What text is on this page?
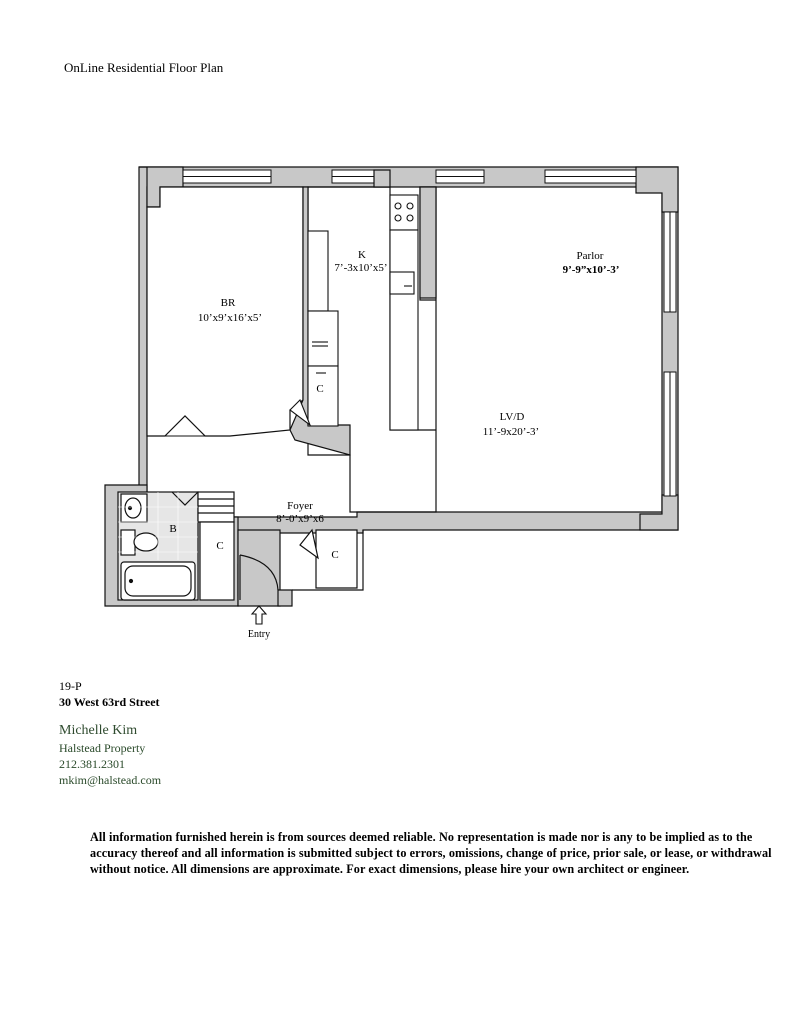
OnLine Residential Floor Plan
BR
10’x9’x16’x5’
K
7’-3x10’x5’
Parlor
9’-9”x10’-3’
LV/D
11’-9x20’-3’
Foyer
8’-0’x9’x6
B
C
C
C
Entry
19-P
30 West 63rd Street
Michelle Kim
Halstead Property
212.381.2301
mkim@halstead.com
All information furnished herein is from sources deemed reliable. No representation is made nor is any to be implied as to the accuracy thereof and all information is submitted subject to errors, omissions, change of price, prior sale, or lease, or withdrawal without notice. All dimensions are approximate. For exact dimensions, please hire your own architect or engineer.
